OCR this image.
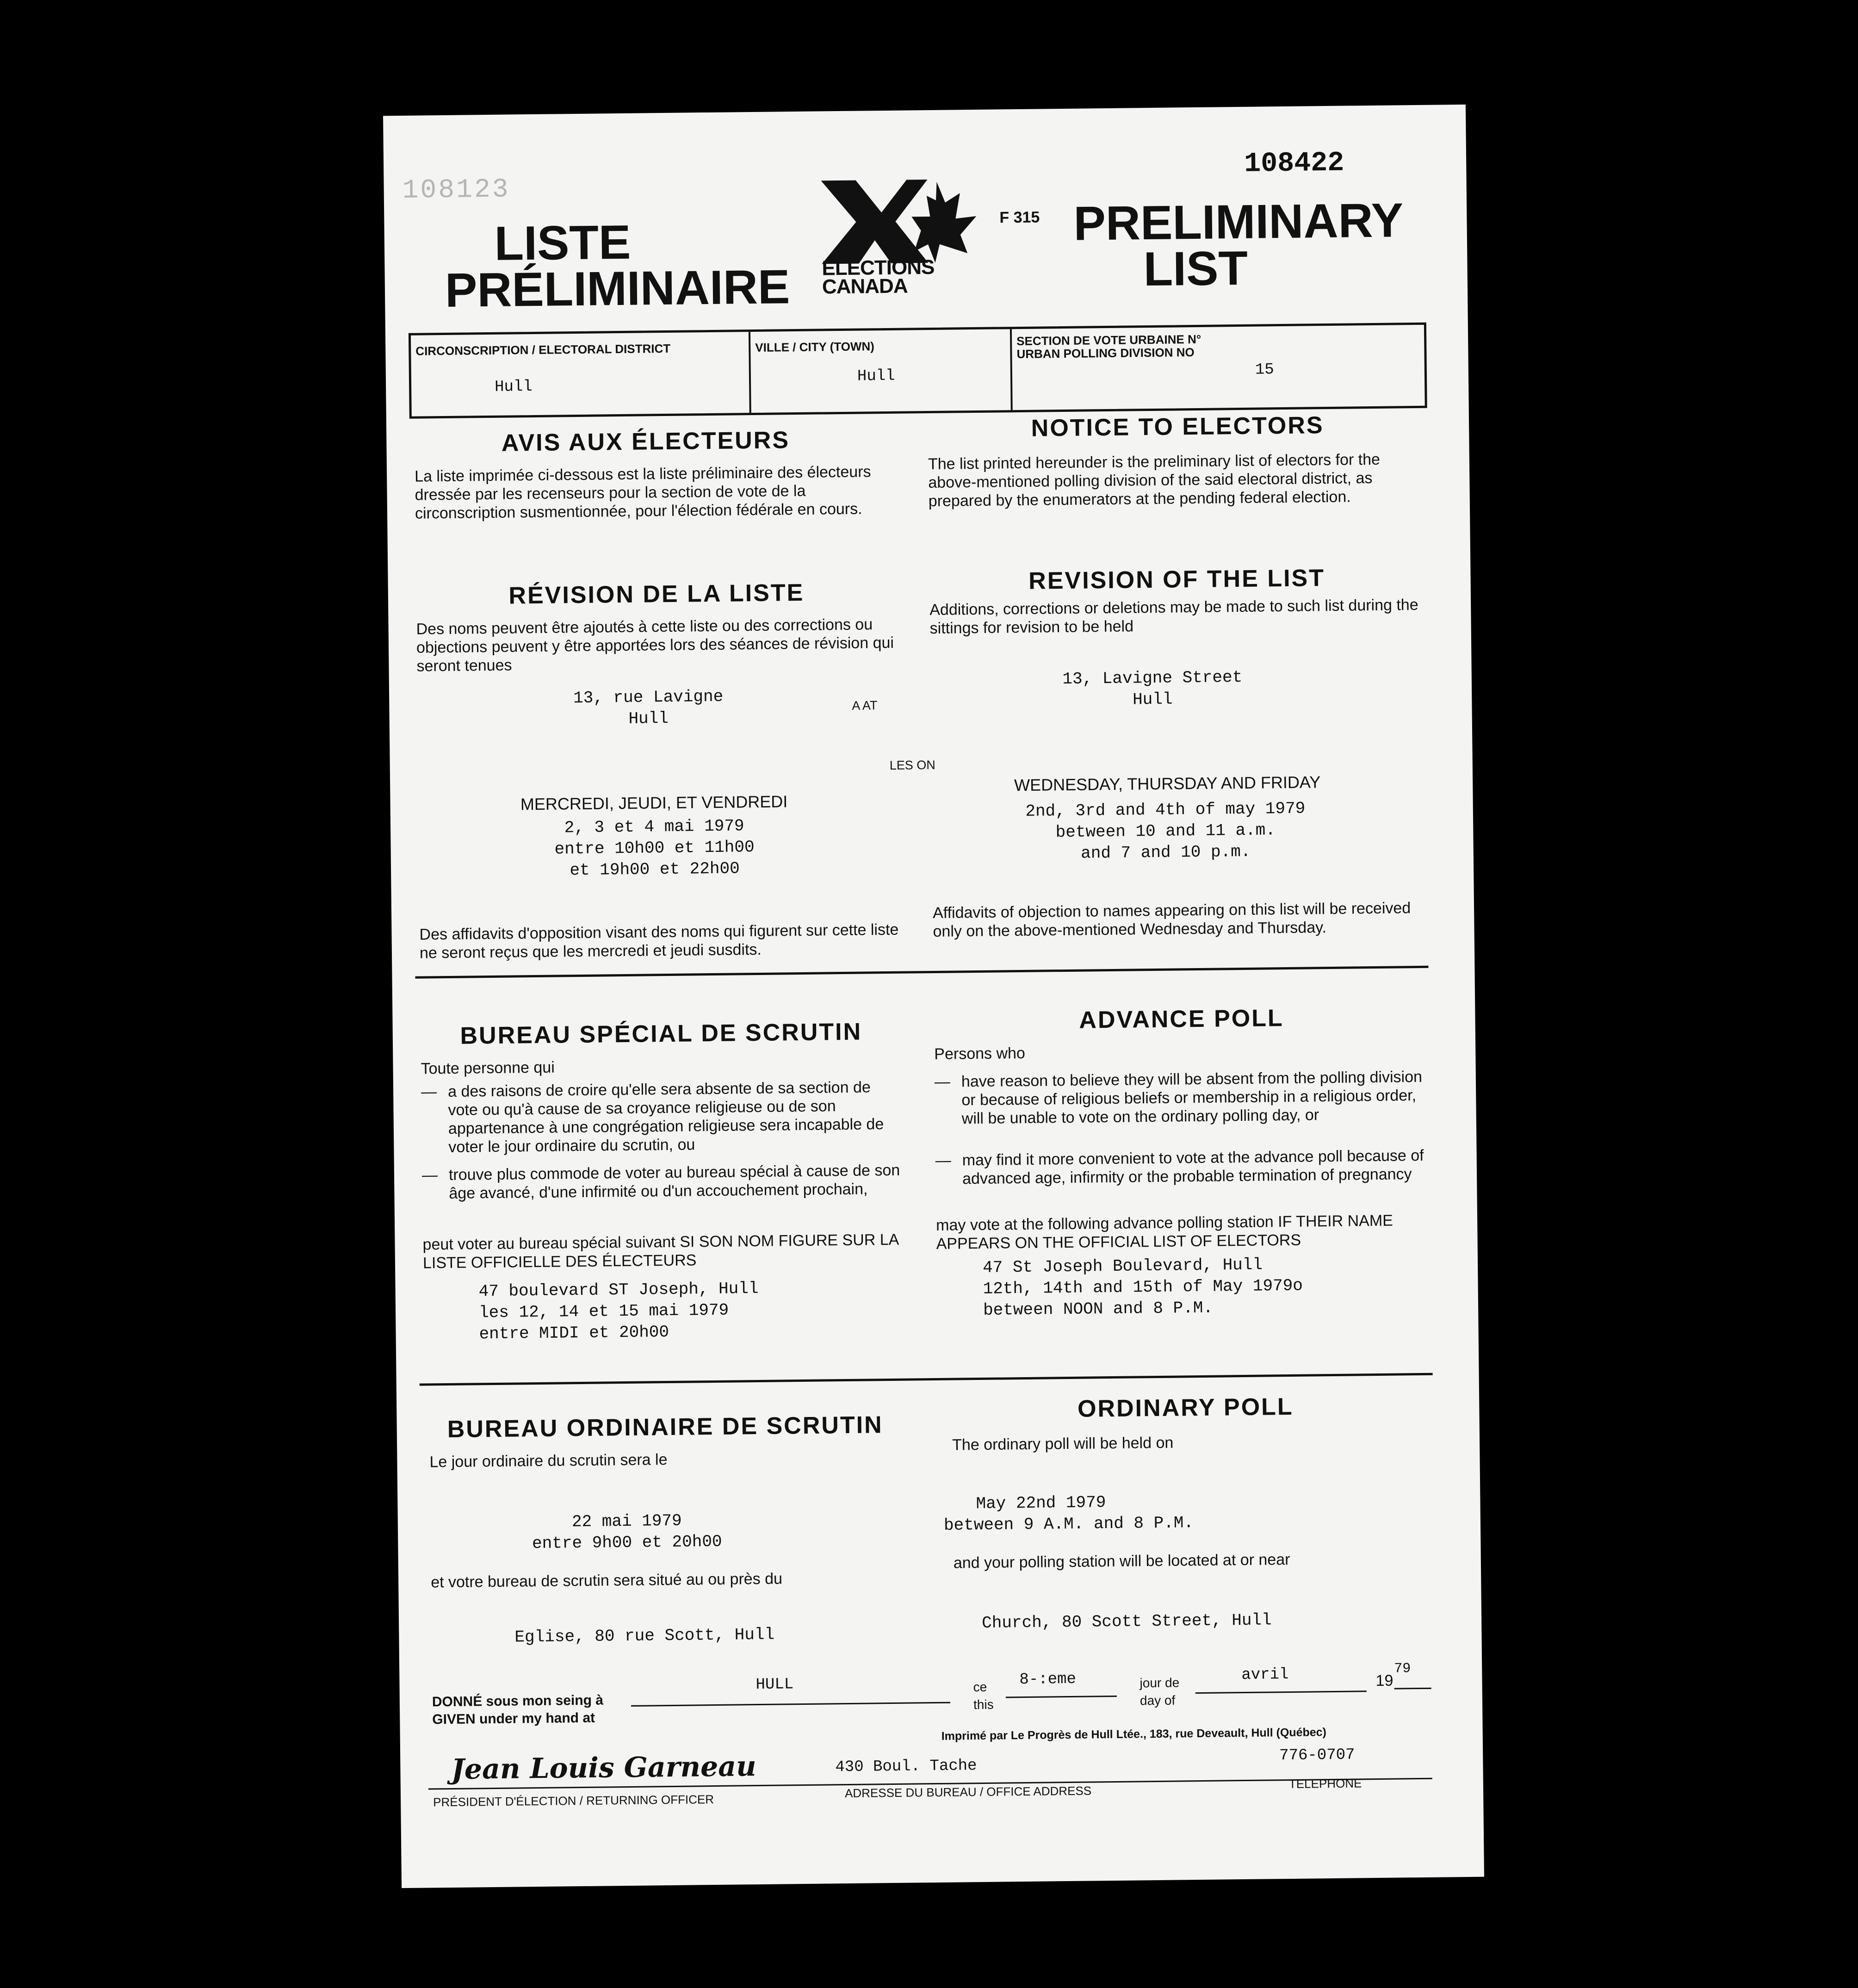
108123
108422
LISTE
PRÉLIMINAIRE ELECTIONS
CANADA
F 315 PRELIMINARY
LIST
CIRCONSCRIPTION / ELECTORAL DISTRICT
Hull
VILLE / CITY (TOWN)
Hull
SECTION DE VOTE URBAINE N°
URBAN POLLING DIVISION NO
15
AVIS AUX ÉLECTEURS
La liste imprimée ci-dessous est la liste préliminaire des électeurs dressée par les recenseurs pour la section de vote de la circonscription susmentionnée, pour l'élection fédérale en cours.
NOTICE TO ELECTORS
The list printed hereunder is the preliminary list of electors for the above-mentioned polling division of the said electoral district, as prepared by the enumerators at the pending federal election.
RÉVISION DE LA LISTE
Des noms peuvent être ajoutés à cette liste ou des corrections ou objections peuvent y être apportées lors des séances de révision qui seront tenues
REVISION OF THE LIST
Additions, corrections or deletions may be made to such list during the sittings for revision to be held
13, rue Lavigne
Hull
A AT
13, Lavigne Street
Hull
LES ON
MERCREDI, JEUDI, ET VENDREDI
2, 3 et 4 mai 1979
entre 10h00 et 11h00
et 19h00 et 22h00
WEDNESDAY, THURSDAY AND FRIDAY
2nd, 3rd and 4th of may 1979
between 10 and 11 a.m.
and 7 and 10 p.m.
Des affidavits d'opposition visant des noms qui figurent sur cette liste ne seront reçus que les mercredi et jeudi susdits.
Affidavits of objection to names appearing on this list will be received only on the above-mentioned Wednesday and Thursday.
BUREAU SPÉCIAL DE SCRUTIN
Toute personne qui
— a des raisons de croire qu'elle sera absente de sa section de vote ou qu'à cause de sa croyance religieuse ou de son appartenance à une congrégation religieuse sera incapable de voter le jour ordinaire du scrutin, ou
— trouve plus commode de voter au bureau spécial à cause de son âge avancé, d'une infirmité ou d'un accouchement prochain,
peut voter au bureau spécial suivant SI SON NOM FIGURE SUR LA LISTE OFFICIELLE DES ÉLECTEURS
47 boulevard ST Joseph, Hull
les 12, 14 et 15 mai 1979
entre MIDI et 20h00
ADVANCE POLL
Persons who
— have reason to believe they will be absent from the polling division or because of religious beliefs or membership in a religious order, will be unable to vote on the ordinary polling day, or
— may find it more convenient to vote at the advance poll because of advanced age, infirmity or the probable termination of pregnancy
may vote at the following advance polling station IF THEIR NAME APPEARS ON THE OFFICIAL LIST OF ELECTORS
47 St Joseph Boulevard, Hull
12th, 14th and 15th of May 1979o
between NOON and 8 P.M.
BUREAU ORDINAIRE DE SCRUTIN
Le jour ordinaire du scrutin sera le
22 mai 1979
entre 9h00 et 20h00
et votre bureau de scrutin sera situé au ou près du
Eglise, 80 rue Scott, Hull
ORDINARY POLL
The ordinary poll will be held on
May 22nd 1979
between 9 A.M. and 8 P.M.
and your polling station will be located at or near
Church, 80 Scott Street, Hull
DONNÉ sous mon seing à
GIVEN under my hand at
HULL	ce
this
8-:eme	jour de
day of
avril	19
79
Imprimé par Le Progrès de Hull Ltée., 183, rue Deveault, Hull (Québec)
Jean Louis Garneau	430 Boul. Tache
776-0707
PRÉSIDENT D'ÉLECTION / RETURNING OFFICER
ADRESSE DU BUREAU / OFFICE ADDRESS
TELEPHONE
